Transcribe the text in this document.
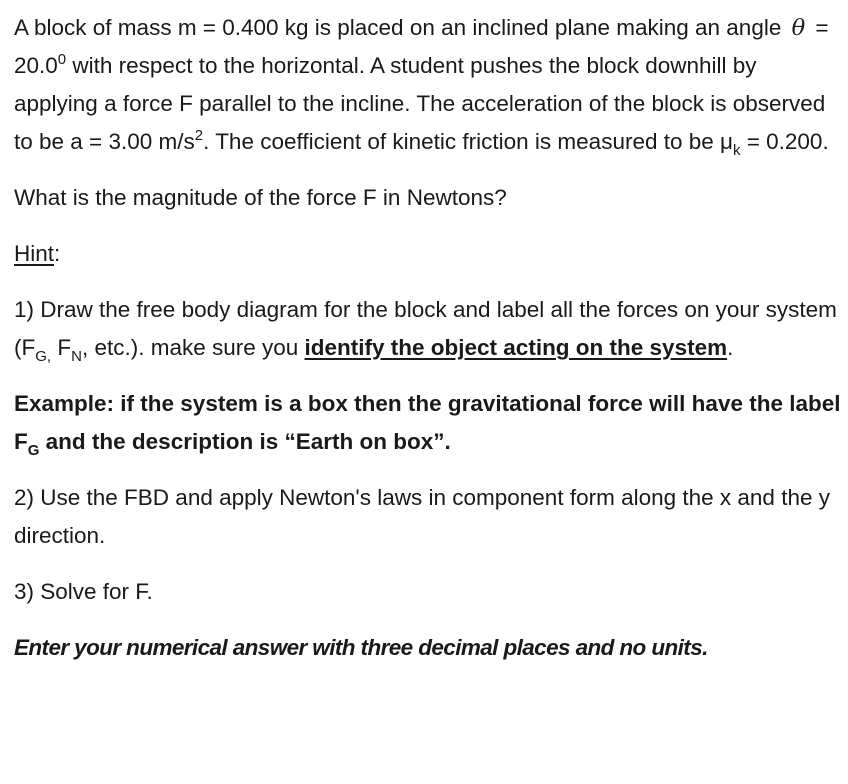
A block of mass m = 0.400 kg is placed on an inclined plane making an angle $\theta = 20.0^0$ with respect to the horizontal. A student pushes the block downhill by applying a force F parallel to the incline. The acceleration of the block is observed to be a = 3.00 $m/s^2$. The coefficient of kinetic friction is measured to be $\mu_k = 0.200$.

What is the magnitude of the force F in Newtons?

Hint:

1) Draw the free body diagram for the block and label all the forces on your system ($F_{G,}$ $F_N$, etc.). make sure you identify the object acting on the system.

Example: if the system is a box then the gravitational force will have the label $F_G$ and the description is “Earth on box”.

2) Use the FBD and apply Newton's laws in component form along the x and the y direction.

3) Solve for F.

Enter your numerical answer with three decimal places and no units.
